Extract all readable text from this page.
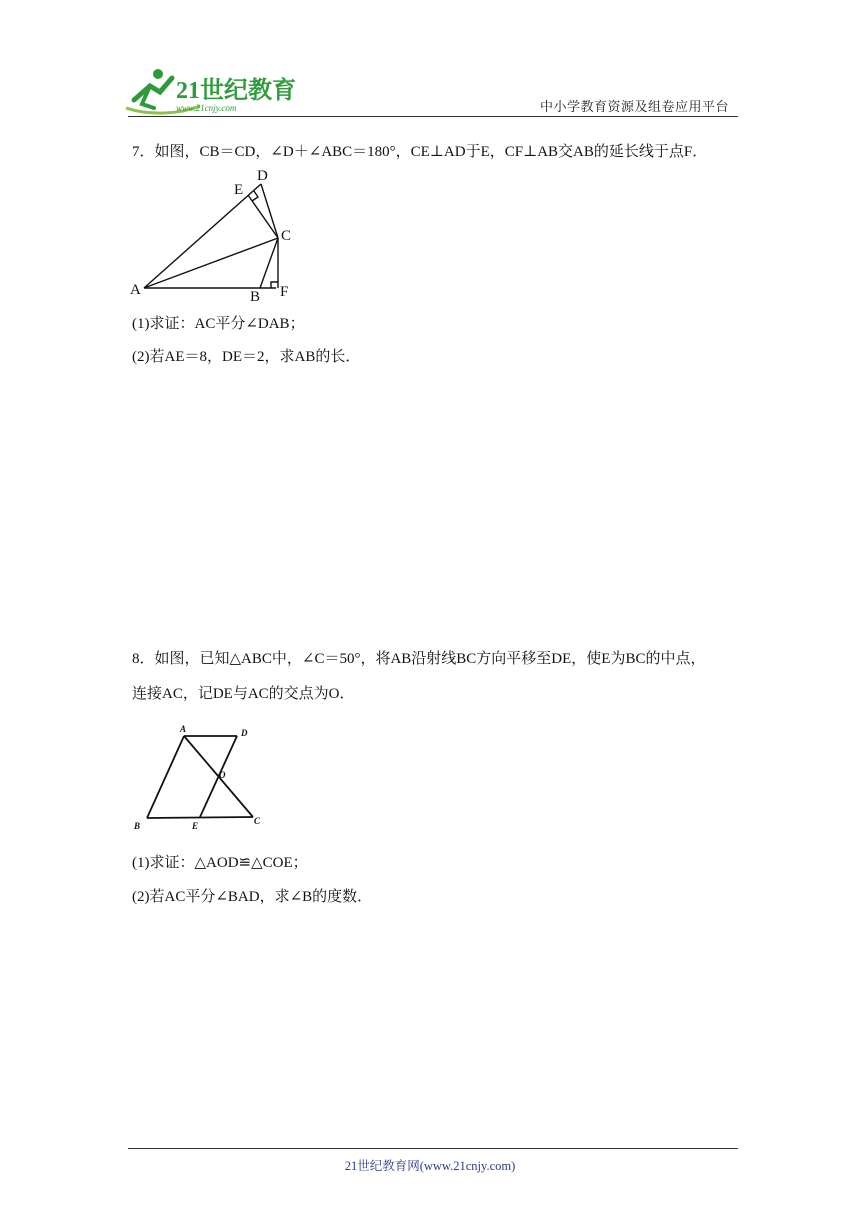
21世纪教育
www.21cnjy.com	中小学教育资源及组卷应用平台
7．如图，CB＝CD，∠D＋∠ABC＝180°，CE⊥AD于E，CF⊥AB交AB的延长线于点F．
A	B
C
D
E
F
(1)求证：AC平分∠DAB；
(2)若AE＝8，DE＝2，求AB的长．
8．如图，已知△ABC中，∠C＝50°，将AB沿射线BC方向平移至DE，使E为BC的中点，
连接AC，记DE与AC的交点为O．
A
B	C
D
E
O
(1)求证：△AOD≌△COE；
(2)若AC平分∠BAD，求∠B的度数．
21世纪教育网(www.21cnjy.com)
